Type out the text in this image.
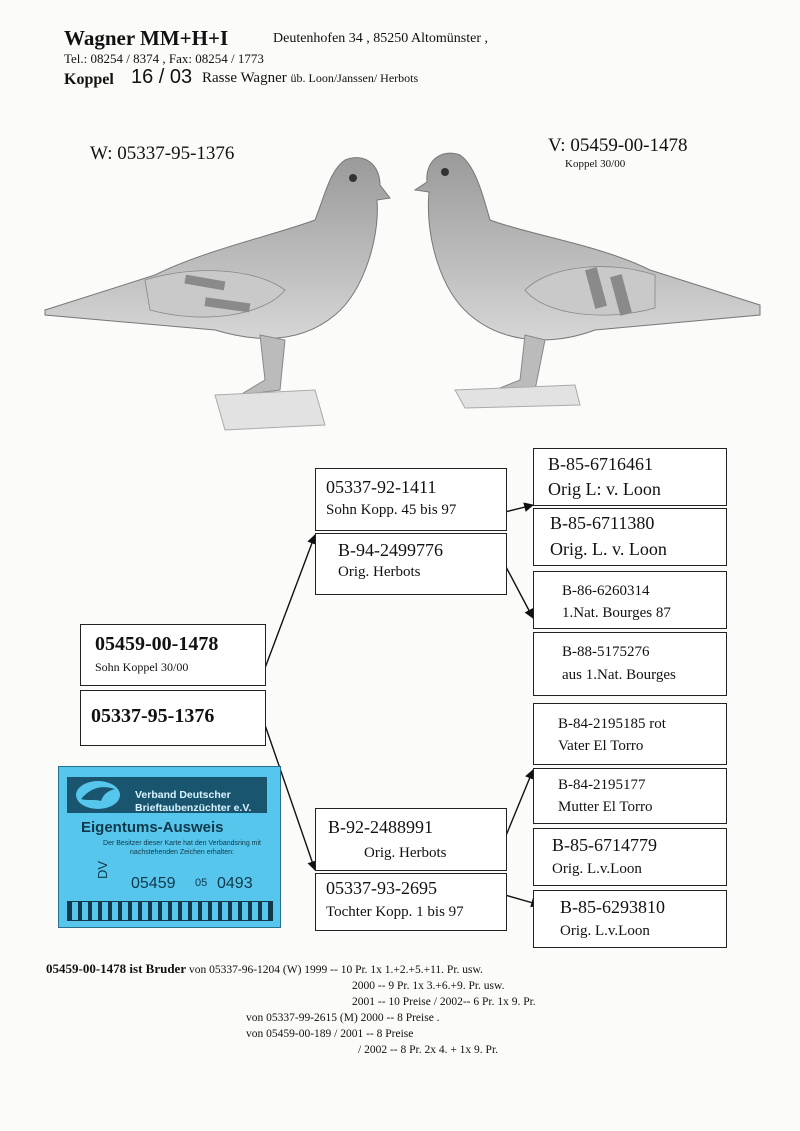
Wagner MM+H+I	Deutenhofen 34 , 85250 Altomünster ,
Tel.: 08254 / 8374 , Fax: 08254 / 1773
Koppel 16 / 03 Rasse Wagner üb. Loon/Janssen/ Herbots
W: 05337-95-1376	V: 05459-00-1478
Koppel 30/00
05459-00-1478
Sohn Koppel 30/00
05337-95-1376
05337-92-1411
Sohn Kopp. 45 bis 97
B-94-2499776
Orig. Herbots
B-92-2488991
Orig. Herbots
05337-93-2695
Tochter Kopp. 1 bis 97
B-85-6716461
Orig L: v. Loon
B-85-6711380
Orig. L. v. Loon
B-86-6260314
1.Nat. Bourges 87
B-88-5175276
aus 1.Nat. Bourges
B-84-2195185 rot
Vater El Torro
B-84-2195177
Mutter El Torro
B-85-6714779
Orig. L.v.Loon
B-85-6293810
Orig. L.v.Loon
Verband Deutscher
Brieftaubenzüchter e.V.
Eigentums-Ausweis
Der Besitzer dieser Karte hat den Verbandsring mit nachstehenden Zeichen erhalten:
DV
05459 05 0493
05459-00-1478 ist Bruder von 05337-96-1204 (W) 1999 -- 10 Pr. 1x 1.+2.+5.+11. Pr. usw.
2000 -- 9 Pr. 1x 3.+6.+9. Pr. usw.
2001 -- 10 Preise / 2002-- 6 Pr. 1x 9. Pr.
von 05337-99-2615 (M) 2000 -- 8 Preise .
von 05459-00-189 / 2001 -- 8 Preise
/ 2002 -- 8 Pr. 2x 4. + 1x 9. Pr.
